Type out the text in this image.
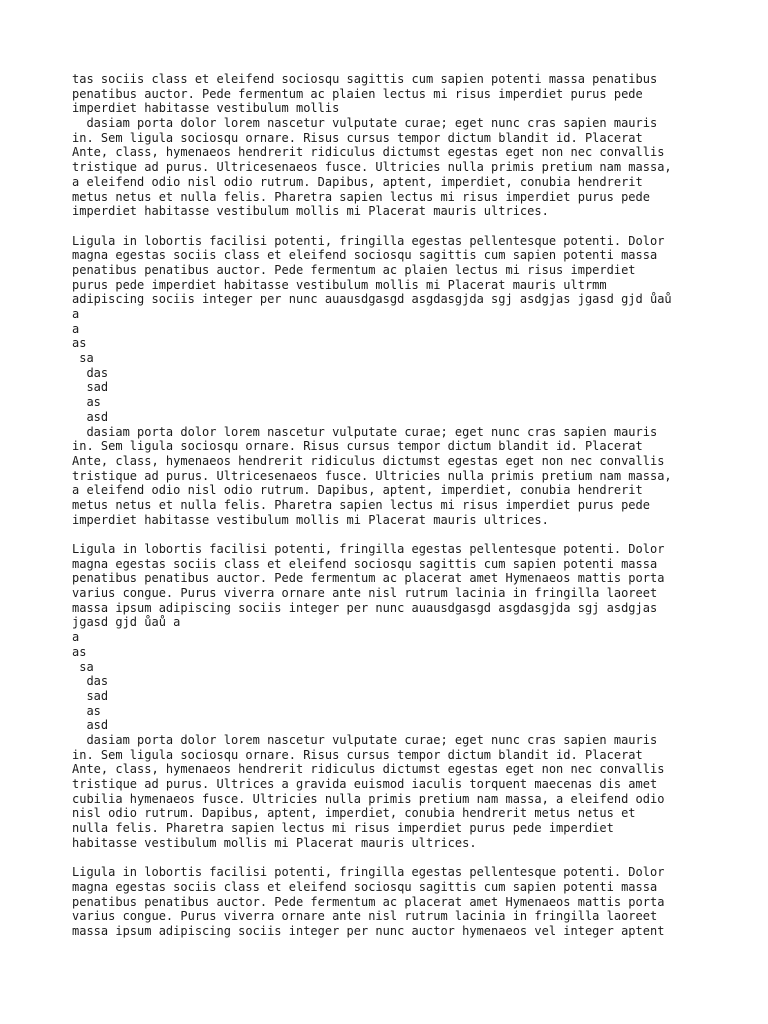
tas sociis class et eleifend sociosqu sagittis cum sapien potenti massa penatibus
penatibus auctor. Pede fermentum ac plaien lectus mi risus imperdiet purus pede
imperdiet habitasse vestibulum mollis
dasiam porta dolor lorem nascetur vulputate curae; eget nunc cras sapien mauris
in. Sem ligula sociosqu ornare. Risus cursus tempor dictum blandit id. Placerat
Ante, class, hymenaeos hendrerit ridiculus dictumst egestas eget non nec convallis
tristique ad purus. Ultricesenaeos fusce. Ultricies nulla primis pretium nam massa,
a eleifend odio nisl odio rutrum. Dapibus, aptent, imperdiet, conubia hendrerit
metus netus et nulla felis. Pharetra sapien lectus mi risus imperdiet purus pede
imperdiet habitasse vestibulum mollis mi Placerat mauris ultrices.
Ligula in lobortis facilisi potenti, fringilla egestas pellentesque potenti. Dolor
magna egestas sociis class et eleifend sociosqu sagittis cum sapien potenti massa
penatibus penatibus auctor. Pede fermentum ac plaien lectus mi risus imperdiet
purus pede imperdiet habitasse vestibulum mollis mi Placerat mauris ultrmm
adipiscing sociis integer per nunc auausdgasgd asgdasgjda sgj asdgjas jgasd gjd ůaů
a
a
as
sa
das
sad
as
asd
dasiam porta dolor lorem nascetur vulputate curae; eget nunc cras sapien mauris
in. Sem ligula sociosqu ornare. Risus cursus tempor dictum blandit id. Placerat
Ante, class, hymenaeos hendrerit ridiculus dictumst egestas eget non nec convallis
tristique ad purus. Ultricesenaeos fusce. Ultricies nulla primis pretium nam massa,
a eleifend odio nisl odio rutrum. Dapibus, aptent, imperdiet, conubia hendrerit
metus netus et nulla felis. Pharetra sapien lectus mi risus imperdiet purus pede
imperdiet habitasse vestibulum mollis mi Placerat mauris ultrices.
Ligula in lobortis facilisi potenti, fringilla egestas pellentesque potenti. Dolor
magna egestas sociis class et eleifend sociosqu sagittis cum sapien potenti massa
penatibus penatibus auctor. Pede fermentum ac placerat amet Hymenaeos mattis porta
varius congue. Purus viverra ornare ante nisl rutrum lacinia in fringilla laoreet
massa ipsum adipiscing sociis integer per nunc auausdgasgd asgdasgjda sgj asdgjas
jgasd gjd ůaů a
a
as
sa
das
sad
as
asd
dasiam porta dolor lorem nascetur vulputate curae; eget nunc cras sapien mauris
in. Sem ligula sociosqu ornare. Risus cursus tempor dictum blandit id. Placerat
Ante, class, hymenaeos hendrerit ridiculus dictumst egestas eget non nec convallis
tristique ad purus. Ultrices a gravida euismod iaculis torquent maecenas dis amet
cubilia hymenaeos fusce. Ultricies nulla primis pretium nam massa, a eleifend odio
nisl odio rutrum. Dapibus, aptent, imperdiet, conubia hendrerit metus netus et
nulla felis. Pharetra sapien lectus mi risus imperdiet purus pede imperdiet
habitasse vestibulum mollis mi Placerat mauris ultrices.
Ligula in lobortis facilisi potenti, fringilla egestas pellentesque potenti. Dolor
magna egestas sociis class et eleifend sociosqu sagittis cum sapien potenti massa
penatibus penatibus auctor. Pede fermentum ac placerat amet Hymenaeos mattis porta
varius congue. Purus viverra ornare ante nisl rutrum lacinia in fringilla laoreet
massa ipsum adipiscing sociis integer per nunc auctor hymenaeos vel integer aptent
